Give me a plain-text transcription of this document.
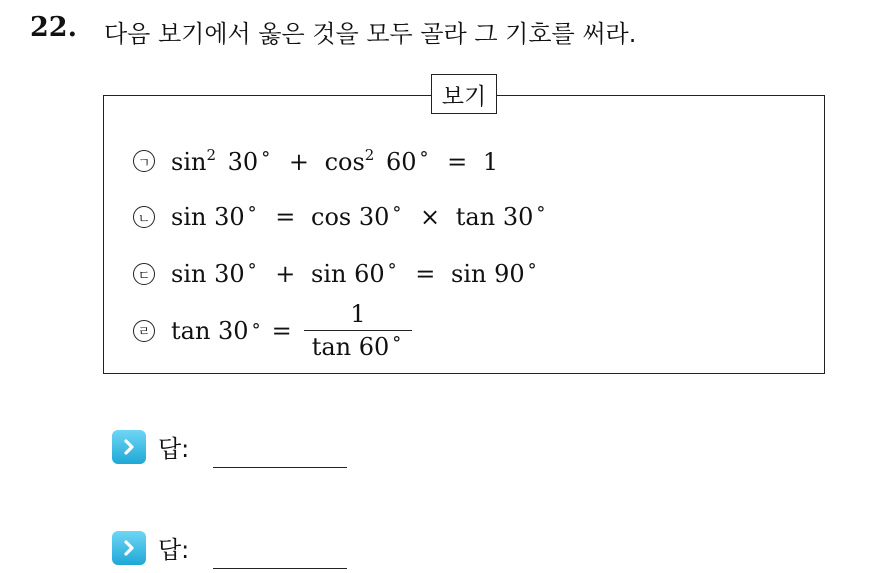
22. 다음 보기에서 옳은 것을 모두 골라 그 기호를 써라.
보기
ㄱ $\sin^2 30$ $^\circ + \cos^2 60$ ° = 1
ㄴ sin 30 ° = cos 30 ° × tan 30 °
ㄷ sin 30 ° + sin 60 ° = sin 90 °
ㄹ tan 30 ° = $\frac{1}{\tan 60 ^\circ}$
답:
답:
